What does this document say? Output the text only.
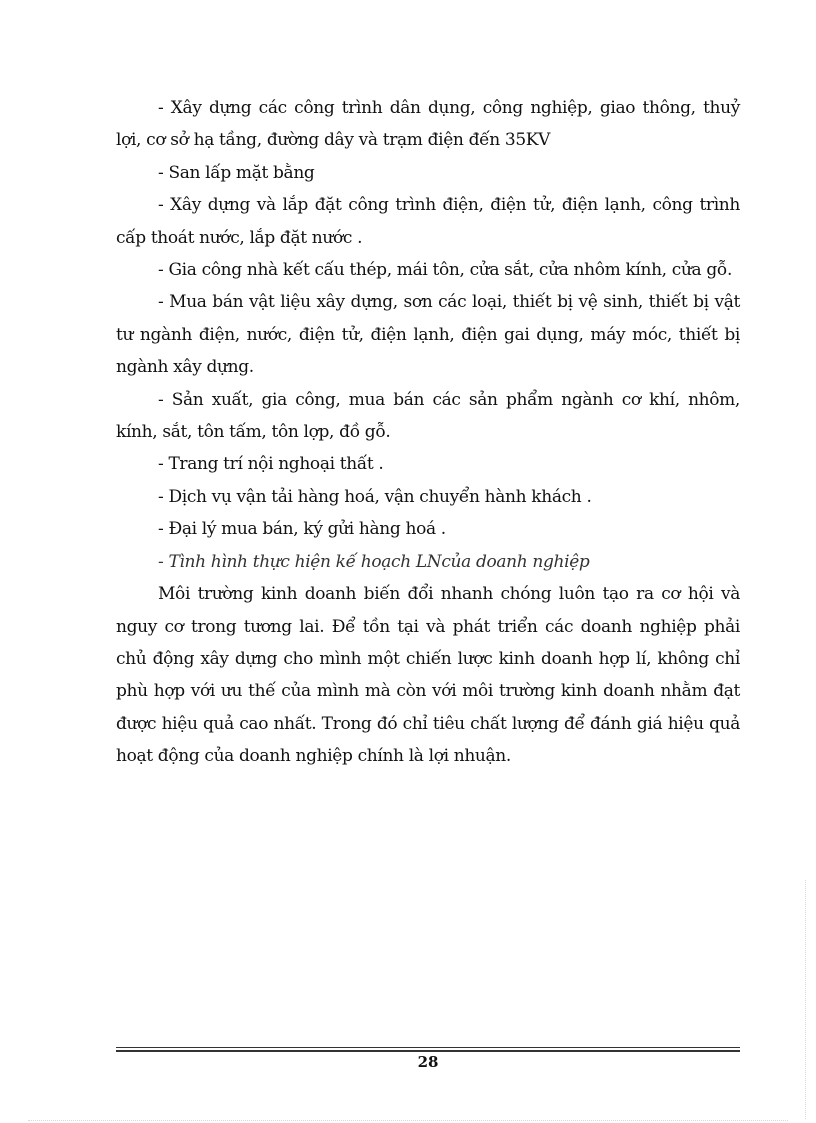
- Xây dựng các công trình dân dụng, công nghiệp, giao thông, thuỷ lợi, cơ sở hạ tầng, đường dây và trạm điện đến 35KV

- San lấp mặt bằng

- Xây dựng và lắp đặt công trình điện, điện tử, điện lạnh, công trình cấp thoát nước, lắp đặt nước .

- Gia công nhà kết cấu thép, mái tôn, cửa sắt, cửa nhôm kính, cửa gỗ.

- Mua bán vật liệu xây dựng, sơn các loại, thiết bị vệ sinh, thiết bị vật tư ngành điện, nước, điện tử, điện lạnh, điện gai dụng, máy móc, thiết bị ngành xây dựng.

- Sản xuất, gia công, mua bán các sản phẩm ngành cơ khí, nhôm, kính, sắt, tôn tấm, tôn lợp, đồ gỗ.

- Trang trí nội nghoại thất .

- Dịch vụ vận tải hàng hoá, vận chuyển hành khách .

- Đại lý mua bán, ký gửi hàng hoá .

- Tình hình thực hiện kế hoạch LNcủa doanh nghiệp

Môi trường kinh doanh biến đổi nhanh chóng luôn tạo ra cơ hội và nguy cơ trong tương lai. Để tồn tại và phát triển các doanh nghiệp phải chủ động xây dựng cho mình một chiến lược kinh doanh hợp lí, không chỉ phù hợp với ưu thế của mình mà còn với môi trường kinh doanh nhằm đạt được hiệu quả cao nhất. Trong đó chỉ tiêu chất lượng để đánh giá hiệu quả hoạt động của doanh nghiệp chính là lợi nhuận.

28
